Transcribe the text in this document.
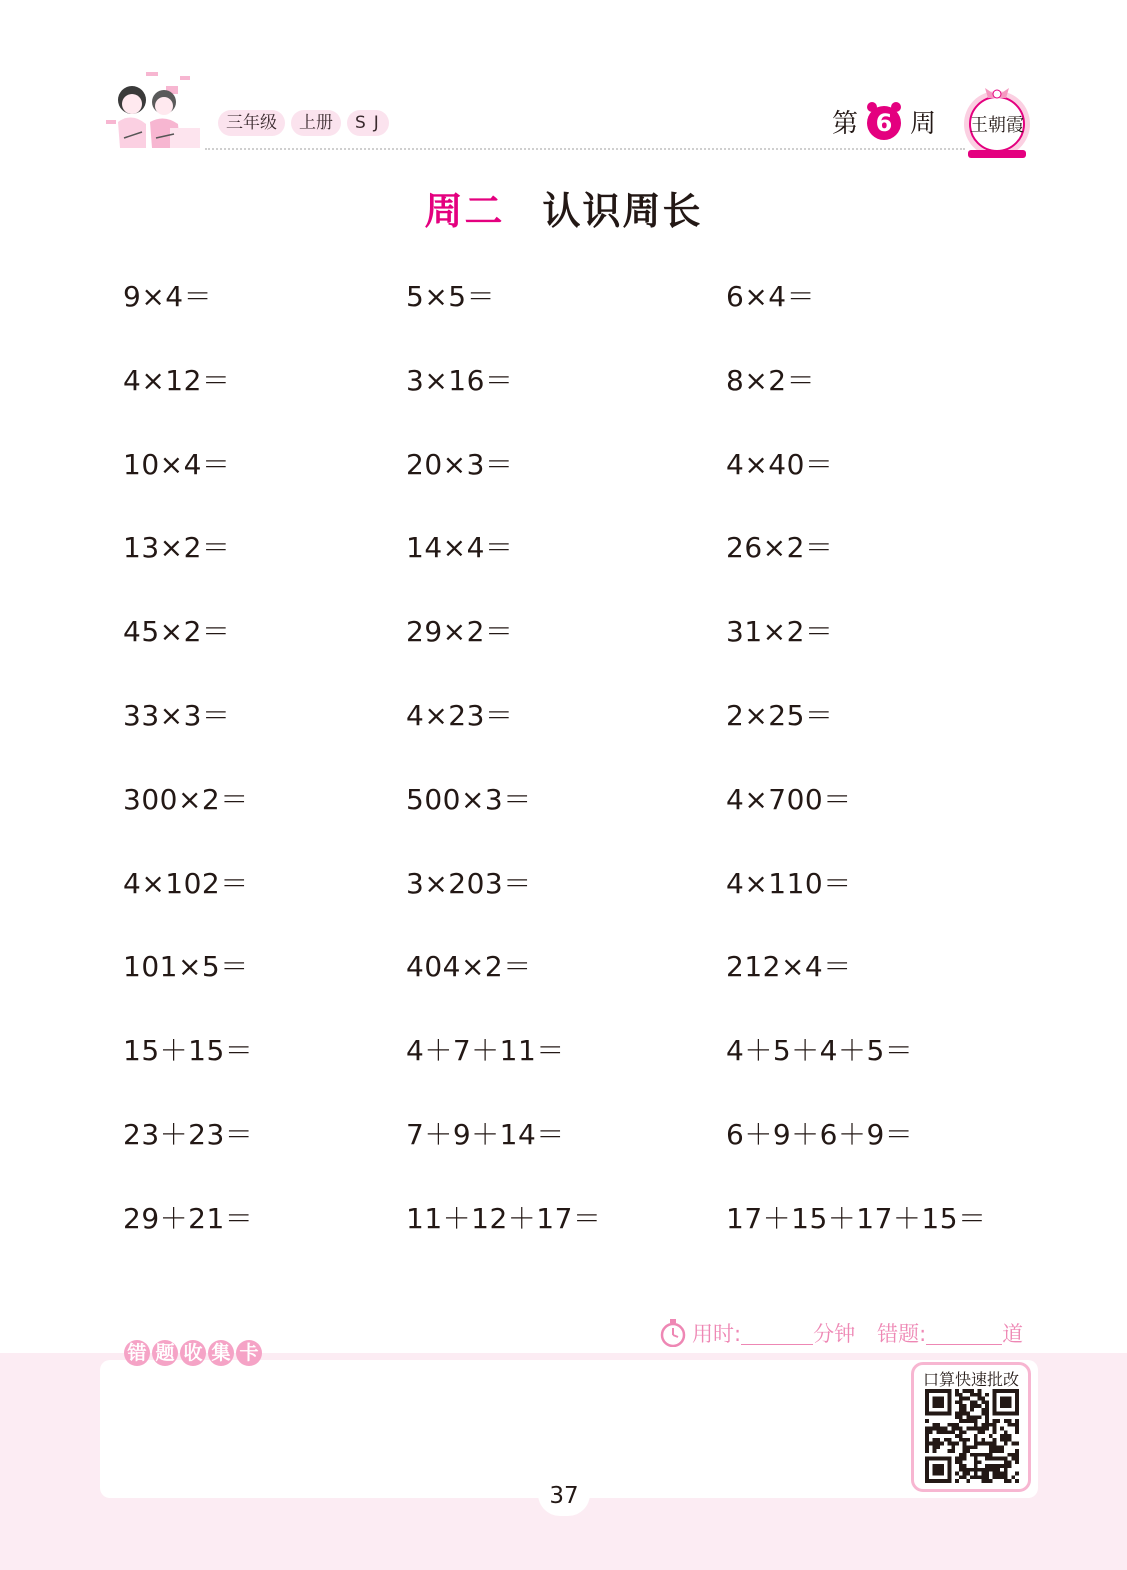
三年级	上册	SJ	第 6 周 王朝霞
周二 认识周长
9×4＝	5×5＝	6×4＝
4×12＝	3×16＝	8×2＝
10×4＝	20×3＝	4×40＝
13×2＝	14×4＝	26×2＝
45×2＝	29×2＝	31×2＝
33×3＝	4×23＝	2×25＝
300×2＝	500×3＝	4×700＝
4×102＝	3×203＝	4×110＝
101×5＝	404×2＝	212×4＝
15＋15＝	4＋7＋11＝	4＋5＋4＋5＝
23＋23＝	7＋9＋14＝	6＋9＋6＋9＝
29＋21＝	11＋12＋17＝	17＋15＋17＋15＝
用时:	分钟 错题:	道
错 题 收 集 卡
口算快速批改
37
